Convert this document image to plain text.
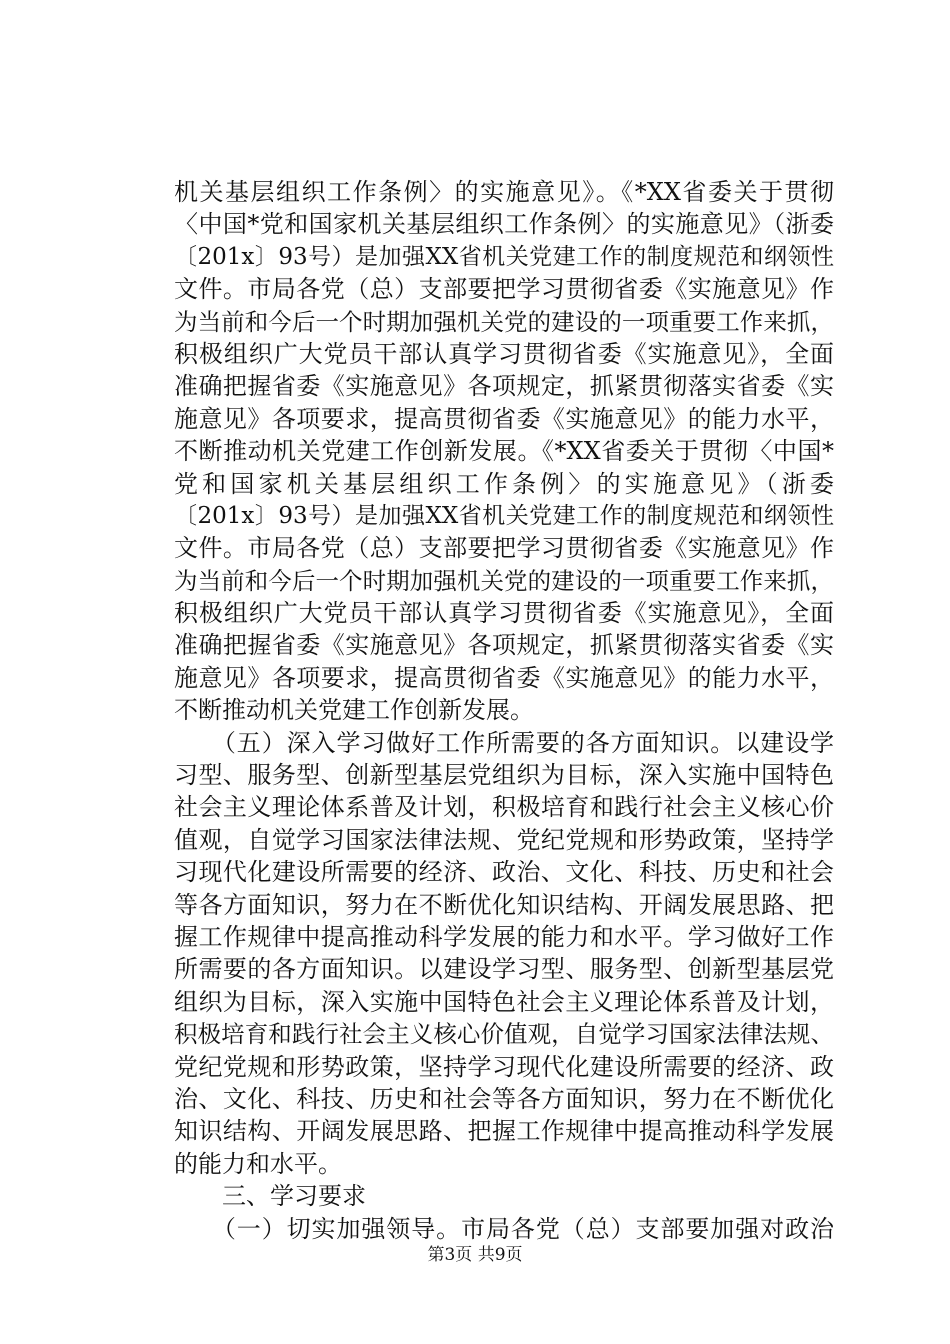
机关基层组织工作条例〉的实施意见》。《*XX省委关于贯彻
〈中国*党和国家机关基层组织工作条例〉的实施意见》（浙委
〔201x〕93号）是加强XX省机关党建工作的制度规范和纲领性
文件。市局各党（总）支部要把学习贯彻省委《实施意见》作
为当前和今后一个时期加强机关党的建设的一项重要工作来抓，
积极组织广大党员干部认真学习贯彻省委《实施意见》，全面
准确把握省委《实施意见》各项规定，抓紧贯彻落实省委《实
施意见》各项要求，提高贯彻省委《实施意见》的能力水平，
不断推动机关党建工作创新发展。《*XX省委关于贯彻〈中国*
党和国家机关基层组织工作条例〉的实施意见》（浙委
〔201x〕93号）是加强XX省机关党建工作的制度规范和纲领性
文件。市局各党（总）支部要把学习贯彻省委《实施意见》作
为当前和今后一个时期加强机关党的建设的一项重要工作来抓，
积极组织广大党员干部认真学习贯彻省委《实施意见》，全面
准确把握省委《实施意见》各项规定，抓紧贯彻落实省委《实
施意见》各项要求，提高贯彻省委《实施意见》的能力水平，
不断推动机关党建工作创新发展。
　　（五）深入学习做好工作所需要的各方面知识。以建设学
习型、服务型、创新型基层党组织为目标，深入实施中国特色
社会主义理论体系普及计划，积极培育和践行社会主义核心价
值观，自觉学习国家法律法规、党纪党规和形势政策，坚持学
习现代化建设所需要的经济、政治、文化、科技、历史和社会
等各方面知识，努力在不断优化知识结构、开阔发展思路、把
握工作规律中提高推动科学发展的能力和水平。学习做好工作
所需要的各方面知识。以建设学习型、服务型、创新型基层党
组织为目标，深入实施中国特色社会主义理论体系普及计划，
积极培育和践行社会主义核心价值观，自觉学习国家法律法规、
党纪党规和形势政策，坚持学习现代化建设所需要的经济、政
治、文化、科技、历史和社会等各方面知识，努力在不断优化
知识结构、开阔发展思路、把握工作规律中提高推动科学发展
的能力和水平。
　　三、学习要求
　　（一）切实加强领导。市局各党（总）支部要加强对政治
第3页 共9页
